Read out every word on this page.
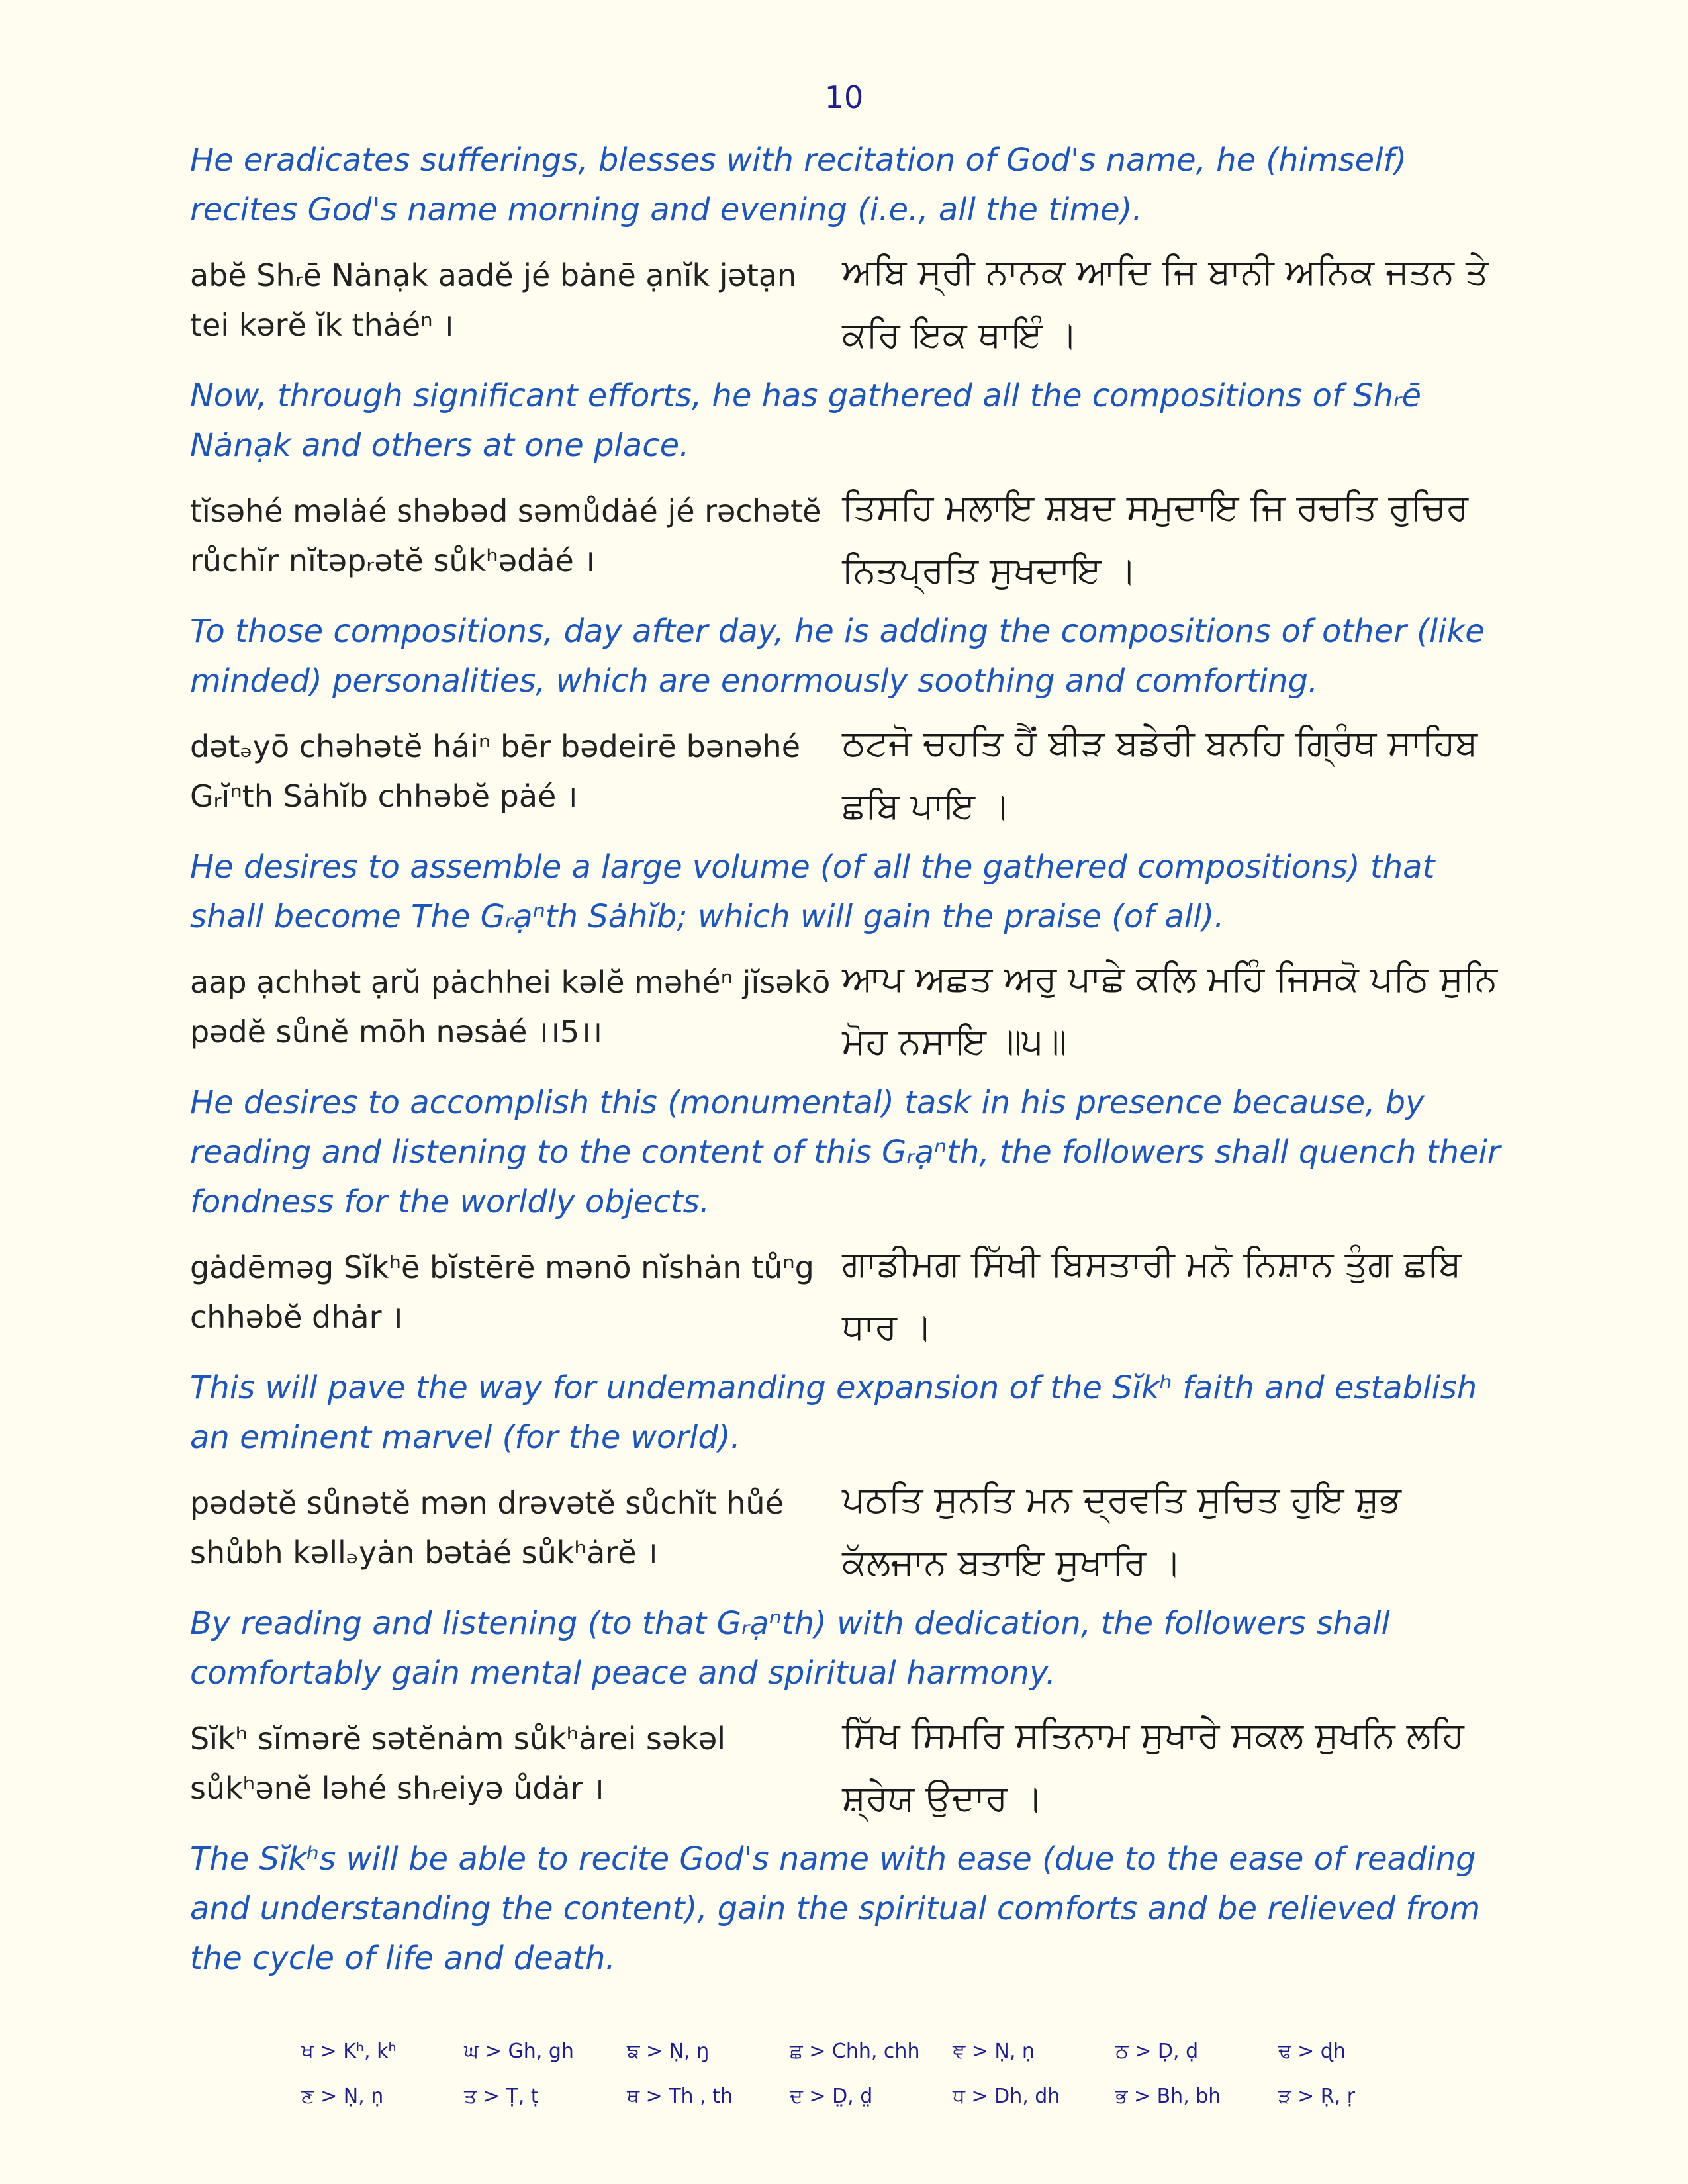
10
He eradicates sufferings, blesses with recitation of God's name, he (himself) recites God's name morning and evening (i.e., all the time).
abĕ Shᵣē Nȧnạk aadĕ jé bȧnē ạnĭk jətạn tei kərĕ ĭk thȧéⁿ ।
ਅਬਿ ਸ੍ਰੀ ਨਾਨਕ ਆਦਿ ਜਿ ਬਾਨੀ ਅਨਿਕ ਜਤਨ ਤੇ ਕਰਿ ਇਕ ਥਾਇੰ ।
Now, through significant efforts, he has gathered all the compositions of Shᵣē Nȧnạk and others at one place.
tĭsəhé məlȧé shəbəd səmůdȧé jé rəchətĕ růchĭr nĭtəpᵣətĕ sůkʰədȧé ।
ਤਿਸਹਿ ਮਲਾਇ ਸ਼ਬਦ ਸਮੁਦਾਇ ਜਿ ਰਚਤਿ ਰੁਚਿਰ ਨਿਤਪ੍ਰਤਿ ਸੁਖਦਾਇ ।
To those compositions, day after day, he is adding the compositions of other (like minded) personalities, which are enormously soothing and comforting.
dətₔyō chəhətĕ háiⁿ bēr bədeirē bənəhé Gᵣĭⁿth Sȧhĭb chhəbĕ pȧé ।
ਠਟਜੋ ਚਹਤਿ ਹੈਂ ਬੀੜ ਬਡੇਰੀ ਬਨਹਿ ਗ੍ਰਿੰਥ ਸਾਹਿਬ ਛਬਿ ਪਾਇ ।
He desires to assemble a large volume (of all the gathered compositions) that shall become The Gᵣạⁿth Sȧhĭb; which will gain the praise (of all).
aap ạchhət ạrŭ pȧchhei kəlĕ məhéⁿ jĭsəkō pədĕ sůnĕ mōh nəsȧé ।।5।।
ਆਪ ਅਛਤ ਅਰੁ ਪਾਛੇ ਕਲਿ ਮਹਿੰ ਜਿਸਕੋ ਪਠਿ ਸੁਨਿ ਮੋਹ ਨਸਾਇ ॥੫॥
He desires to accomplish this (monumental) task in his presence because, by reading and listening to the content of this Gᵣạⁿth, the followers shall quench their fondness for the worldly objects.
gȧdēməg Sĭkʰē bĭstērē mənō nĭshȧn tůⁿg chhəbĕ dhȧr ।
ਗਾਡੀਮਗ ਸਿੱਖੀ ਬਿਸਤਾਰੀ ਮਨੋ ਨਿਸ਼ਾਨ ਤੁੰਗ ਛਬਿ ਧਾਰ ।
This will pave the way for undemanding expansion of the Sĭkʰ faith and establish an eminent marvel (for the world).
pədətĕ sůnətĕ mən drəvətĕ sůchĭt hůé shůbh kəllₔyȧn bətȧé sůkʰȧrĕ ।
ਪਠਤਿ ਸੁਨਤਿ ਮਨ ਦ੍ਰਵਤਿ ਸੁਚਿਤ ਹੁਇ ਸ਼ੁਭ ਕੱਲਜਾਨ ਬਤਾਇ ਸੁਖਾਰਿ ।
By reading and listening (to that Gᵣạⁿth) with dedication, the followers shall comfortably gain mental peace and spiritual harmony.
Sĭkʰ sĭmərĕ sətĕnȧm sůkʰȧrei səkəl sůkʰənĕ ləhé shᵣeiyə ůdȧr ।
ਸਿੱਖ ਸਿਮਰਿ ਸਤਿਨਾਮ ਸੁਖਾਰੇ ਸਕਲ ਸੁਖਨਿ ਲਹਿ ਸ਼੍ਰੇਯ ਉਦਾਰ ।
The Sĭkʰs will be able to recite God's name with ease (due to the ease of reading and understanding the content), gain the spiritual comforts and be relieved from the cycle of life and death.
ਖ > Kʰ, kʰ	ਘ > Gh, gh	ਙ > Ṇ, ŋ	ਛ > Chh, chh	ਞ > Ṇ, ṇ	ਠ > Ḍ, ḍ	ਢ > ɖh
ਣ > Ṇ, ṇ	ਤ > Ṭ, ṭ	ਥ > Th , th	ਦ > D̤, d̤	ਧ > Dh, dh	ਭ > Bh, bh	ੜ > Ṛ, ṛ
